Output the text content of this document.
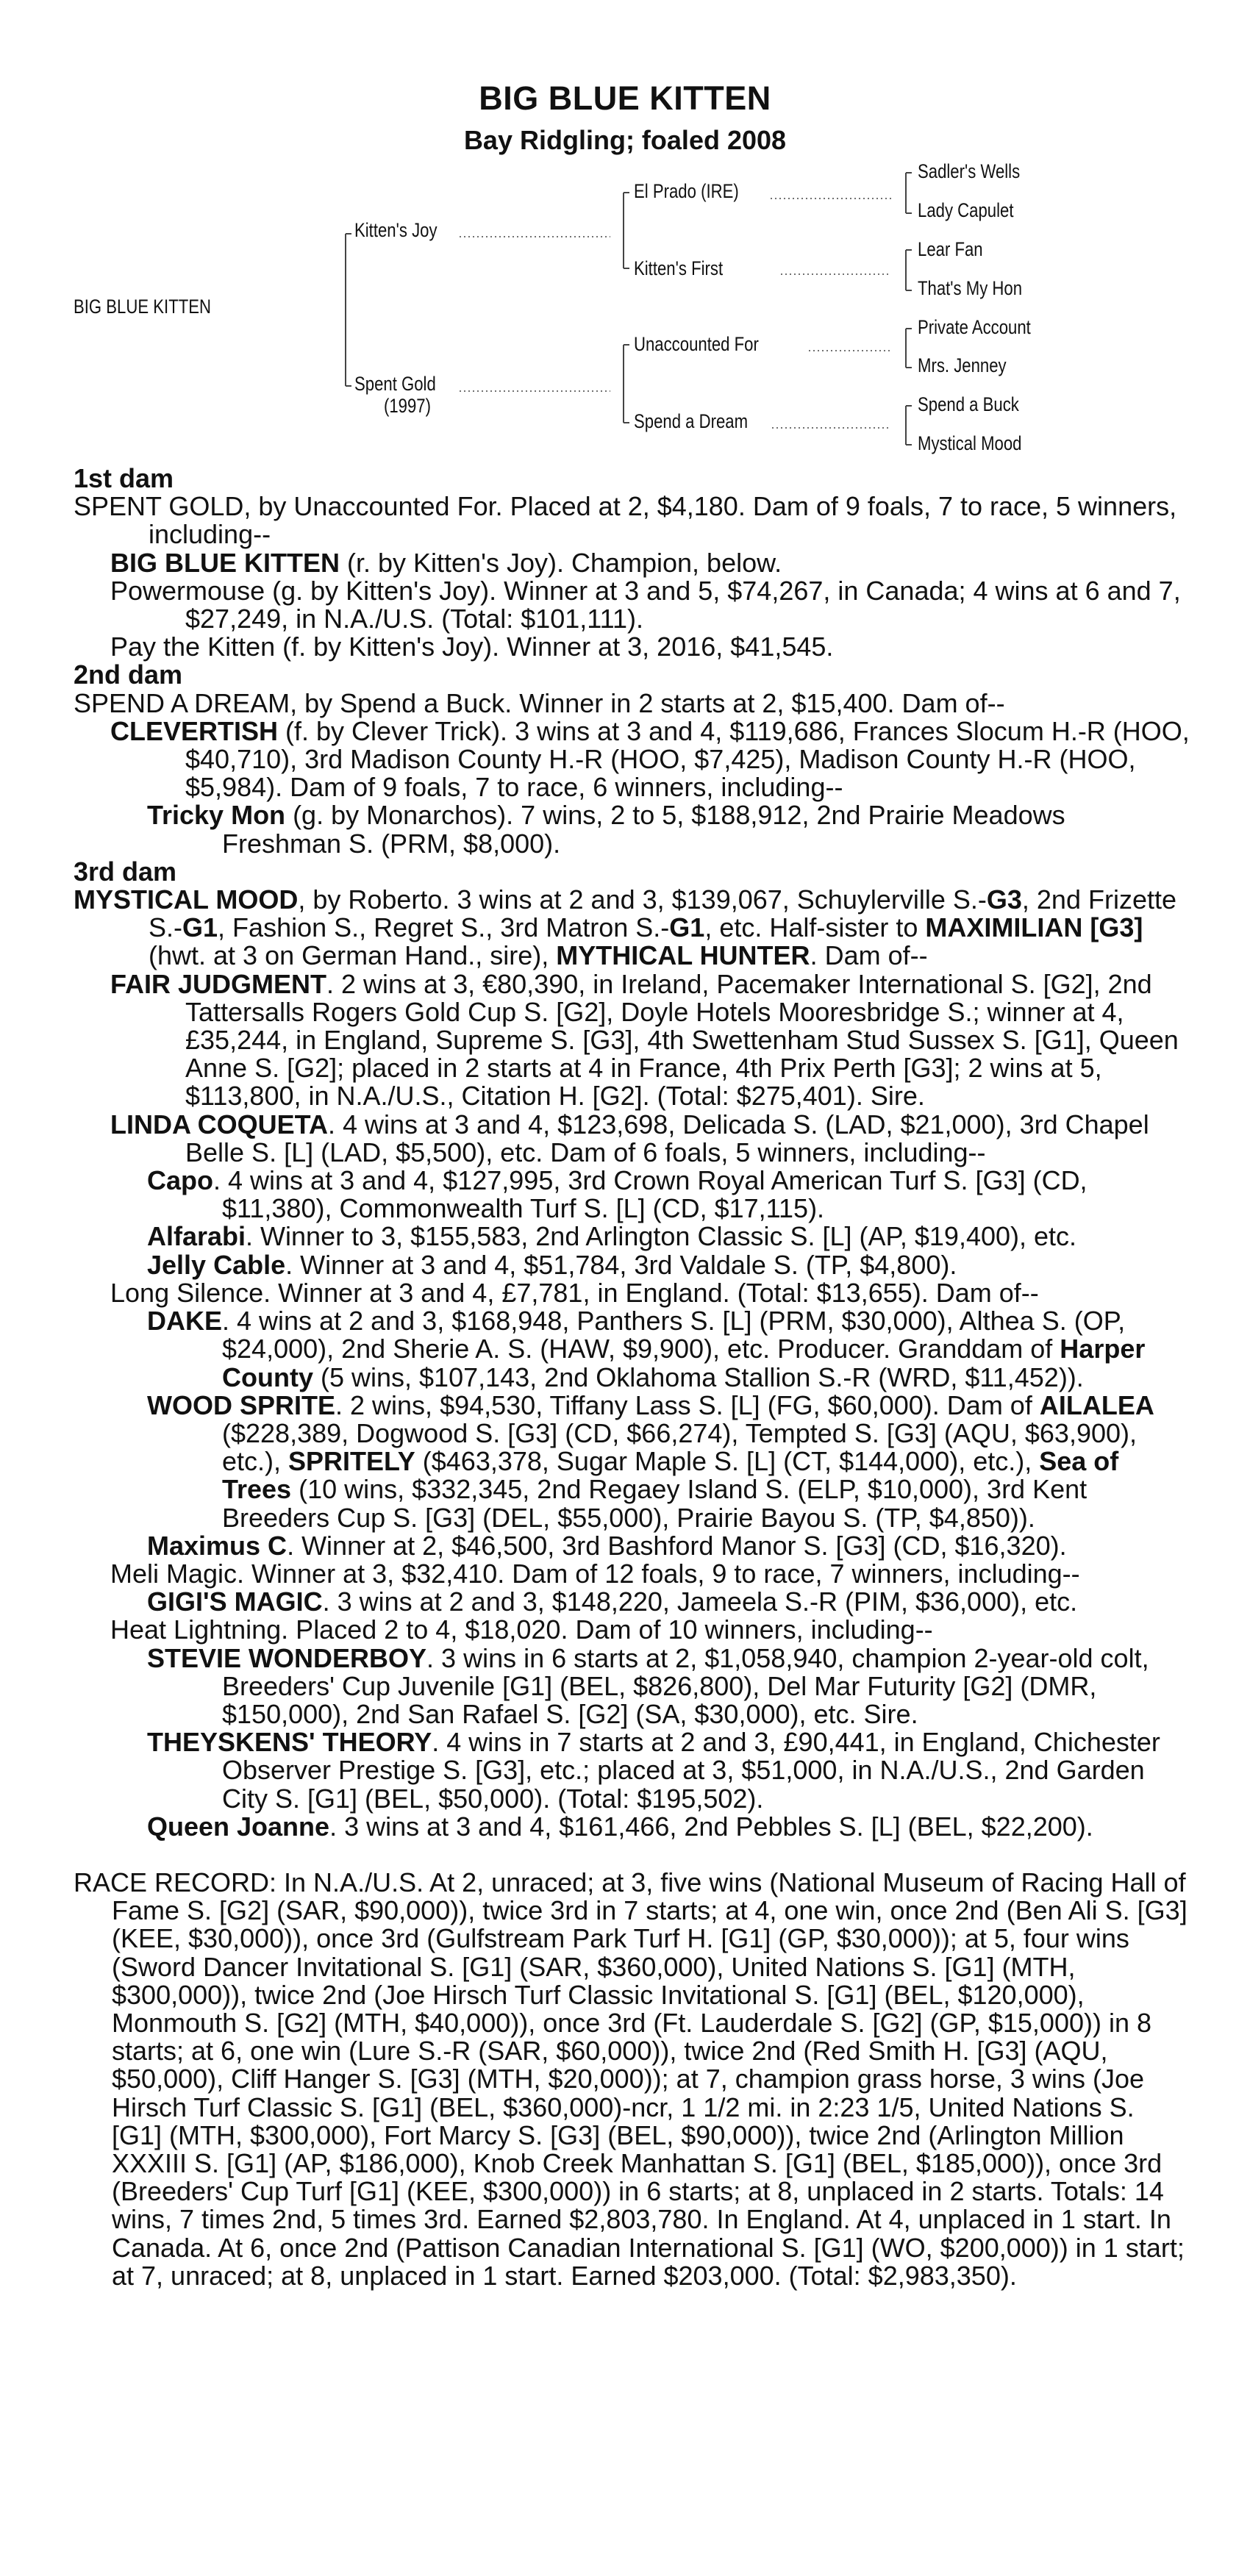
BIG BLUE KITTEN
Bay Ridgling; foaled 2008
BIG BLUE KITTEN
Kitten's Joy
Spent Gold
(1997)
El Prado (IRE)
Kitten's First
Unaccounted For
Spend a Dream
Sadler's Wells
Lady Capulet
Lear Fan
That's My Hon
Private Account
Mrs. Jenney
Spend a Buck
Mystical Mood

1st dam

SPENT GOLD, by Unaccounted For. Placed at 2, $4,180. Dam of 9 foals, 7 to race, 5 winners, including--

BIG BLUE KITTEN (r. by Kitten's Joy). Champion, below.

Powermouse (g. by Kitten's Joy). Winner at 3 and 5, $74,267, in Canada; 4 wins at 6 and 7, $27,249, in N.A./U.S. (Total: $101,111).

Pay the Kitten (f. by Kitten's Joy). Winner at 3, 2016, $41,545.

2nd dam

SPEND A DREAM, by Spend a Buck. Winner in 2 starts at 2, $15,400. Dam of--

CLEVERTISH (f. by Clever Trick). 3 wins at 3 and 4, $119,686, Frances Slocum H.-R (HOO, $40,710), 3rd Madison County H.-R (HOO, $7,425), Madison County H.-R (HOO, $5,984). Dam of 9 foals, 7 to race, 6 winners, including--

Tricky Mon (g. by Monarchos). 7 wins, 2 to 5, $188,912, 2nd Prairie Meadows Freshman S. (PRM, $8,000).

3rd dam

MYSTICAL MOOD, by Roberto. 3 wins at 2 and 3, $139,067, Schuylerville S.-G3, 2nd Frizette S.-G1, Fashion S., Regret S., 3rd Matron S.-G1, etc. Half-sister to MAXIMILIAN [G3] (hwt. at 3 on German Hand., sire), MYTHICAL HUNTER. Dam of--

FAIR JUDGMENT. 2 wins at 3, €80,390, in Ireland, Pacemaker International S. [G2], 2nd Tattersalls Rogers Gold Cup S. [G2], Doyle Hotels Mooresbridge S.; winner at 4, £35,244, in England, Supreme S. [G3], 4th Swettenham Stud Sussex S. [G1], Queen Anne S. [G2]; placed in 2 starts at 4 in France, 4th Prix Perth [G3]; 2 wins at 5, $113,800, in N.A./U.S., Citation H. [G2]. (Total: $275,401). Sire.

LINDA COQUETA. 4 wins at 3 and 4, $123,698, Delicada S. (LAD, $21,000), 3rd Chapel Belle S. [L] (LAD, $5,500), etc. Dam of 6 foals, 5 winners, including--

Capo. 4 wins at 3 and 4, $127,995, 3rd Crown Royal American Turf S. [G3] (CD, $11,380), Commonwealth Turf S. [L] (CD, $17,115).

Alfarabi. Winner to 3, $155,583, 2nd Arlington Classic S. [L] (AP, $19,400), etc.

Jelly Cable. Winner at 3 and 4, $51,784, 3rd Valdale S. (TP, $4,800).

Long Silence. Winner at 3 and 4, £7,781, in England. (Total: $13,655). Dam of--

DAKE. 4 wins at 2 and 3, $168,948, Panthers S. [L] (PRM, $30,000), Althea S. (OP, $24,000), 2nd Sherie A. S. (HAW, $9,900), etc. Producer. Granddam of Harper County (5 wins, $107,143, 2nd Oklahoma Stallion S.-R (WRD, $11,452)).

WOOD SPRITE. 2 wins, $94,530, Tiffany Lass S. [L] (FG, $60,000). Dam of AILALEA ($228,389, Dogwood S. [G3] (CD, $66,274), Tempted S. [G3] (AQU, $63,900), etc.), SPRITELY ($463,378, Sugar Maple S. [L] (CT, $144,000), etc.), Sea of Trees (10 wins, $332,345, 2nd Regaey Island S. (ELP, $10,000), 3rd Kent Breeders Cup S. [G3] (DEL, $55,000), Prairie Bayou S. (TP, $4,850)).

Maximus C. Winner at 2, $46,500, 3rd Bashford Manor S. [G3] (CD, $16,320).

Meli Magic. Winner at 3, $32,410. Dam of 12 foals, 9 to race, 7 winners, including--

GIGI'S MAGIC. 3 wins at 2 and 3, $148,220, Jameela S.-R (PIM, $36,000), etc.

Heat Lightning. Placed 2 to 4, $18,020. Dam of 10 winners, including--

STEVIE WONDERBOY. 3 wins in 6 starts at 2, $1,058,940, champion 2-year-old colt, Breeders' Cup Juvenile [G1] (BEL, $826,800), Del Mar Futurity [G2] (DMR, $150,000), 2nd San Rafael S. [G2] (SA, $30,000), etc. Sire.

THEYSKENS' THEORY. 4 wins in 7 starts at 2 and 3, £90,441, in England, Chichester Observer Prestige S. [G3], etc.; placed at 3, $51,000, in N.A./U.S., 2nd Garden City S. [G1] (BEL, $50,000). (Total: $195,502).

Queen Joanne. 3 wins at 3 and 4, $161,466, 2nd Pebbles S. [L] (BEL, $22,200).

RACE RECORD: In N.A./U.S. At 2, unraced; at 3, five wins (National Museum of Racing Hall of Fame S. [G2] (SAR, $90,000)), twice 3rd in 7 starts; at 4, one win, once 2nd (Ben Ali S. [G3] (KEE, $30,000)), once 3rd (Gulfstream Park Turf H. [G1] (GP, $30,000)); at 5, four wins (Sword Dancer Invitational S. [G1] (SAR, $360,000), United Nations S. [G1] (MTH, $300,000)), twice 2nd (Joe Hirsch Turf Classic Invitational S. [G1] (BEL, $120,000), Monmouth S. [G2] (MTH, $40,000)), once 3rd (Ft. Lauderdale S. [G2] (GP, $15,000)) in 8 starts; at 6, one win (Lure S.-R (SAR, $60,000)), twice 2nd (Red Smith H. [G3] (AQU, $50,000), Cliff Hanger S. [G3] (MTH, $20,000)); at 7, champion grass horse, 3 wins (Joe Hirsch Turf Classic S. [G1] (BEL, $360,000)-ncr, 1 1/2 mi. in 2:23 1/5, United Nations S. [G1] (MTH, $300,000), Fort Marcy S. [G3] (BEL, $90,000)), twice 2nd (Arlington Million XXXIII S. [G1] (AP, $186,000), Knob Creek Manhattan S. [G1] (BEL, $185,000)), once 3rd (Breeders' Cup Turf [G1] (KEE, $300,000)) in 6 starts; at 8, unplaced in 2 starts. Totals: 14 wins, 7 times 2nd, 5 times 3rd. Earned $2,803,780. In England. At 4, unplaced in 1 start. In Canada. At 6, once 2nd (Pattison Canadian International S. [G1] (WO, $200,000)) in 1 start; at 7, unraced; at 8, unplaced in 1 start. Earned $203,000. (Total: $2,983,350).
